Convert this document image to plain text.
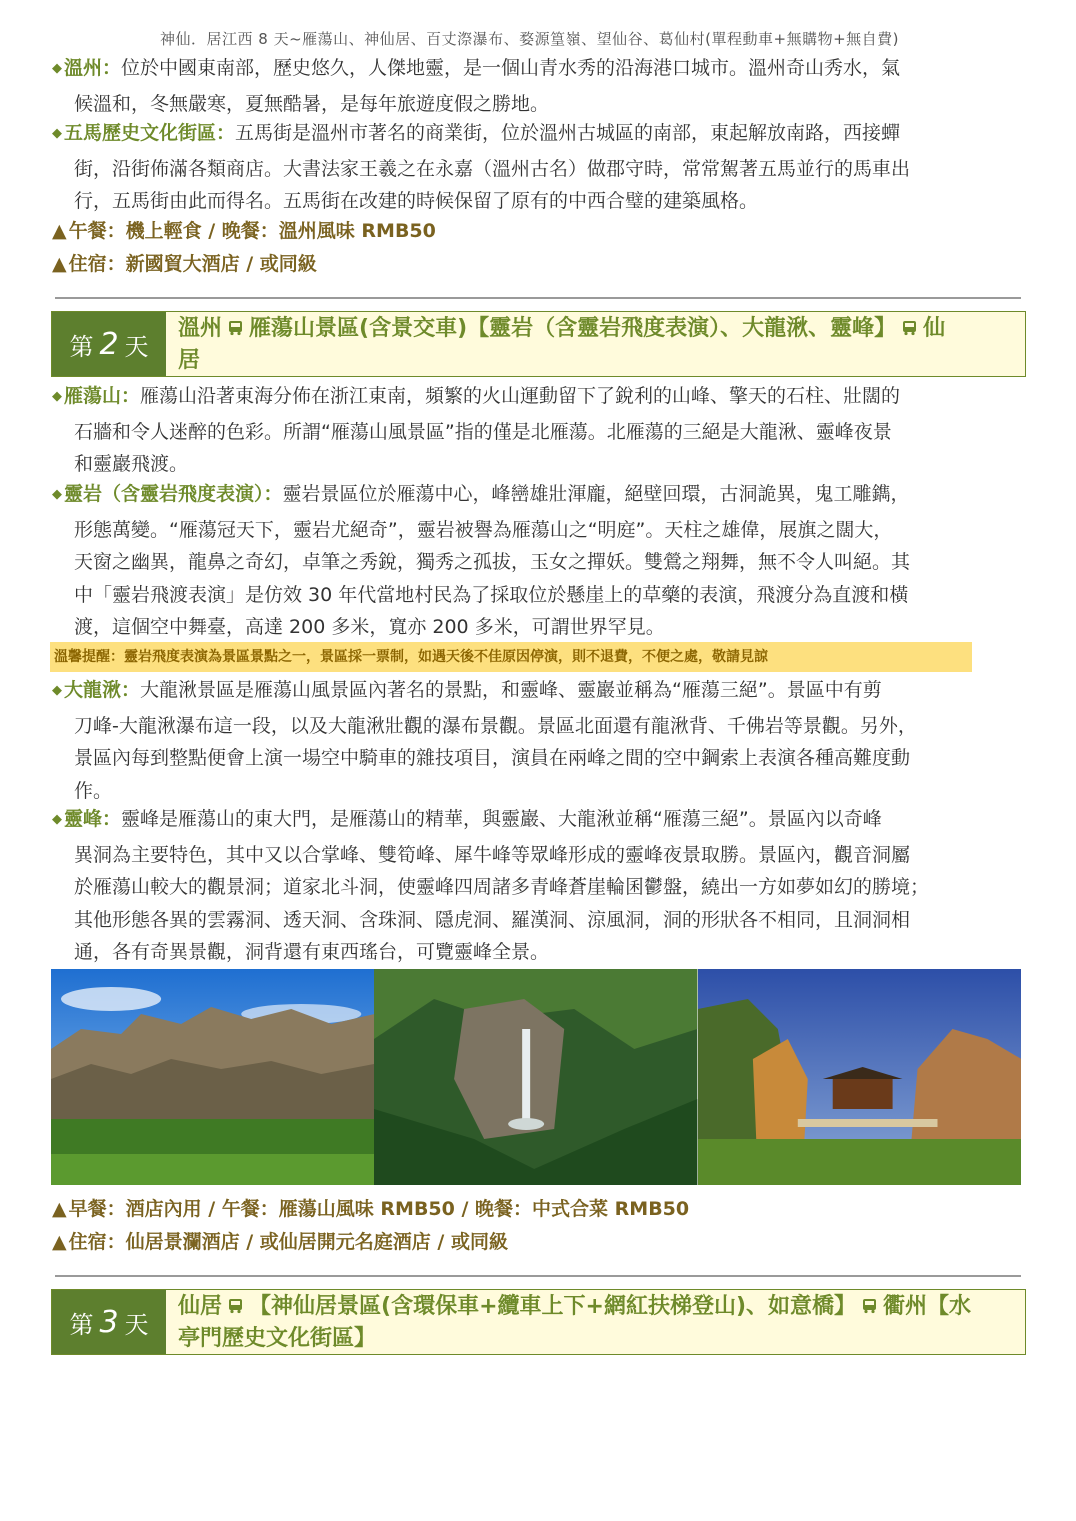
神仙．居江西 8 天~雁蕩山、神仙居、百丈漈瀑布、婺源篁嶺、望仙谷、葛仙村(單程動車+無購物+無自費)

◆ 溫州：位於中國東南部，歷史悠久，人傑地靈，是一個山青水秀的沿海港口城市。溫州奇山秀水，氣

候溫和，冬無嚴寒，夏無酷暑，是每年旅遊度假之勝地。

◆ 五馬歷史文化街區：五馬街是溫州市著名的商業街，位於溫州古城區的南部，東起解放南路，西接蟬

街，沿街佈滿各類商店。大書法家王羲之在永嘉（溫州古名）做郡守時，常常駕著五馬並行的馬車出

行，五馬街由此而得名。五馬街在改建的時候保留了原有的中西合璧的建築風格。

▲ 午餐：機上輕食 / 晚餐：溫州風味 RMB50
▲ 住宿：新國貿大酒店 / 或同級
第 2 天
溫州 雁蕩山景區(含景交車)【靈岩（含靈岩飛度表演）、大龍湫、靈峰】 仙
居

◆ 雁蕩山：雁蕩山沿著東海分佈在浙江東南，頻繁的火山運動留下了銳利的山峰、擎天的石柱、壯闊的

石牆和令人迷醉的色彩。所謂“雁蕩山風景區”指的僅是北雁蕩。北雁蕩的三絕是大龍湫、靈峰夜景

和靈巖飛渡。

◆ 靈岩（含靈岩飛度表演）：靈岩景區位於雁蕩中心，峰巒雄壯渾龐，絕壁回環，古洞詭異，鬼工雕鐫，

形態萬變。“雁蕩冠天下，靈岩尤絕奇”，靈岩被譽為雁蕩山之“明庭”。天柱之雄偉，展旗之闊大，

天窗之幽異，龍鼻之奇幻，卓筆之秀銳，獨秀之孤拔，玉女之撣妖。雙鶯之翔舞，無不令人叫絕。其

中「靈岩飛渡表演」是仿效 30 年代當地村民為了採取位於懸崖上的草藥的表演，飛渡分為直渡和橫

渡，這個空中舞臺，高達 200 多米，寬亦 200 多米，可謂世界罕見。

溫馨提醒：靈岩飛度表演為景區景點之一，景區採一票制，如遇天後不佳原因停演，則不退費，不便之處，敬請見諒

◆ 大龍湫：大龍湫景區是雁蕩山風景區內著名的景點，和靈峰、靈巖並稱為“雁蕩三絕”。景區中有剪

刀峰-大龍湫瀑布這一段，以及大龍湫壯觀的瀑布景觀。景區北面還有龍湫背、千佛岩等景觀。另外，

景區內每到整點便會上演一場空中騎車的雜技項目，演員在兩峰之間的空中鋼索上表演各種高難度動

作。

◆ 靈峰：靈峰是雁蕩山的東大門，是雁蕩山的精華，與靈巖、大龍湫並稱“雁蕩三絕”。景區內以奇峰

異洞為主要特色，其中又以合掌峰、雙筍峰、犀牛峰等眾峰形成的靈峰夜景取勝。景區內，觀音洞屬

於雁蕩山較大的觀景洞；道家北斗洞，使靈峰四周諸多青峰蒼崖輪囷鬱盤，繞出一方如夢如幻的勝境；

其他形態各異的雲霧洞、透天洞、含珠洞、隱虎洞、羅漢洞、涼風洞，洞的形狀各不相同，且洞洞相

通，各有奇異景觀，洞背還有東西瑤台，可覽靈峰全景。

▲ 早餐：酒店內用 / 午餐：雁蕩山風味 RMB50 / 晚餐：中式合菜 RMB50
▲ 住宿：仙居景瀾酒店 / 或仙居開元名庭酒店 / 或同級
第 3 天
仙居 【神仙居景區(含環保車+纜車上下+網紅扶梯登山)、如意橋】 衢州【水
亭門歷史文化街區】
